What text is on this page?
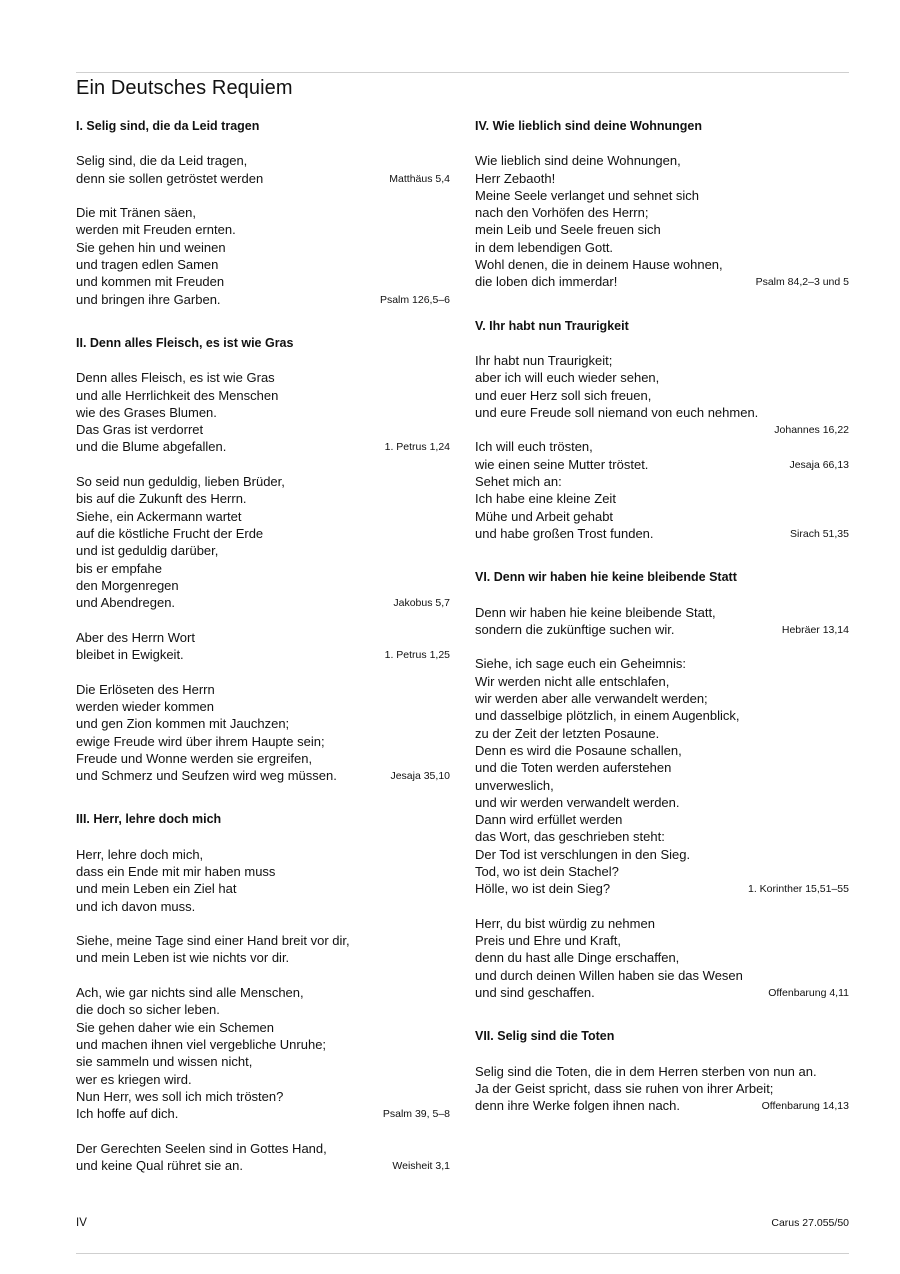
Ein Deutsches Requiem
I. Selig sind, die da Leid tragen
Selig sind, die da Leid tragen,
denn sie sollen getröstet werden	Matthäus 5,4
Die mit Tränen säen,
werden mit Freuden ernten.
Sie gehen hin und weinen
und tragen edlen Samen
und kommen mit Freuden
und bringen ihre Garben.	Psalm 126,5–6
II. Denn alles Fleisch, es ist wie Gras
Denn alles Fleisch, es ist wie Gras
und alle Herrlichkeit des Menschen
wie des Grases Blumen.
Das Gras ist verdorret
und die Blume abgefallen.	1. Petrus 1,24
So seid nun geduldig, lieben Brüder,
bis auf die Zukunft des Herrn.
Siehe, ein Ackermann wartet
auf die köstliche Frucht der Erde
und ist geduldig darüber,
bis er empfahe
den Morgenregen
und Abendregen.	Jakobus 5,7
Aber des Herrn Wort
bleibet in Ewigkeit.	1. Petrus 1,25
Die Erlöseten des Herrn
werden wieder kommen
und gen Zion kommen mit Jauchzen;
ewige Freude wird über ihrem Haupte sein;
Freude und Wonne werden sie ergreifen,
und Schmerz und Seufzen wird weg müssen.	Jesaja 35,10
III. Herr, lehre doch mich
Herr, lehre doch mich,
dass ein Ende mit mir haben muss
und mein Leben ein Ziel hat
und ich davon muss.
Siehe, meine Tage sind einer Hand breit vor dir,
und mein Leben ist wie nichts vor dir.
Ach, wie gar nichts sind alle Menschen,
die doch so sicher leben.
Sie gehen daher wie ein Schemen
und machen ihnen viel vergebliche Unruhe;
sie sammeln und wissen nicht,
wer es kriegen wird.
Nun Herr, wes soll ich mich trösten?
Ich hoffe auf dich.	Psalm 39, 5–8
Der Gerechten Seelen sind in Gottes Hand,
und keine Qual rühret sie an.	Weisheit 3,1
IV. Wie lieblich sind deine Wohnungen
Wie lieblich sind deine Wohnungen,
Herr Zebaoth!
Meine Seele verlanget und sehnet sich
nach den Vorhöfen des Herrn;
mein Leib und Seele freuen sich
in dem lebendigen Gott.
Wohl denen, die in deinem Hause wohnen,
die loben dich immerdar!	Psalm 84,2–3 und 5
V. Ihr habt nun Traurigkeit
Ihr habt nun Traurigkeit;
aber ich will euch wieder sehen,
und euer Herz soll sich freuen,
und eure Freude soll niemand von euch nehmen.
Johannes 16,22
Ich will euch trösten,
wie einen seine Mutter tröstet.	Jesaja 66,13
Sehet mich an:
Ich habe eine kleine Zeit
Mühe und Arbeit gehabt
und habe großen Trost funden.	Sirach 51,35
VI. Denn wir haben hie keine bleibende Statt
Denn wir haben hie keine bleibende Statt,
sondern die zukünftige suchen wir.	Hebräer 13,14
Siehe, ich sage euch ein Geheimnis:
Wir werden nicht alle entschlafen,
wir werden aber alle verwandelt werden;
und dasselbige plötzlich, in einem Augenblick,
zu der Zeit der letzten Posaune.
Denn es wird die Posaune schallen,
und die Toten werden auferstehen
unverweslich,
und wir werden verwandelt werden.
Dann wird erfüllet werden
das Wort, das geschrieben steht:
Der Tod ist verschlungen in den Sieg.
Tod, wo ist dein Stachel?
Hölle, wo ist dein Sieg?	1. Korinther 15,51–55
Herr, du bist würdig zu nehmen
Preis und Ehre und Kraft,
denn du hast alle Dinge erschaffen,
und durch deinen Willen haben sie das Wesen
und sind geschaffen.	Offenbarung 4,11
VII. Selig sind die Toten
Selig sind die Toten, die in dem Herren sterben von nun an.
Ja der Geist spricht, dass sie ruhen von ihrer Arbeit;
denn ihre Werke folgen ihnen nach.	Offenbarung 14,13
IV	Carus 27.055/50
